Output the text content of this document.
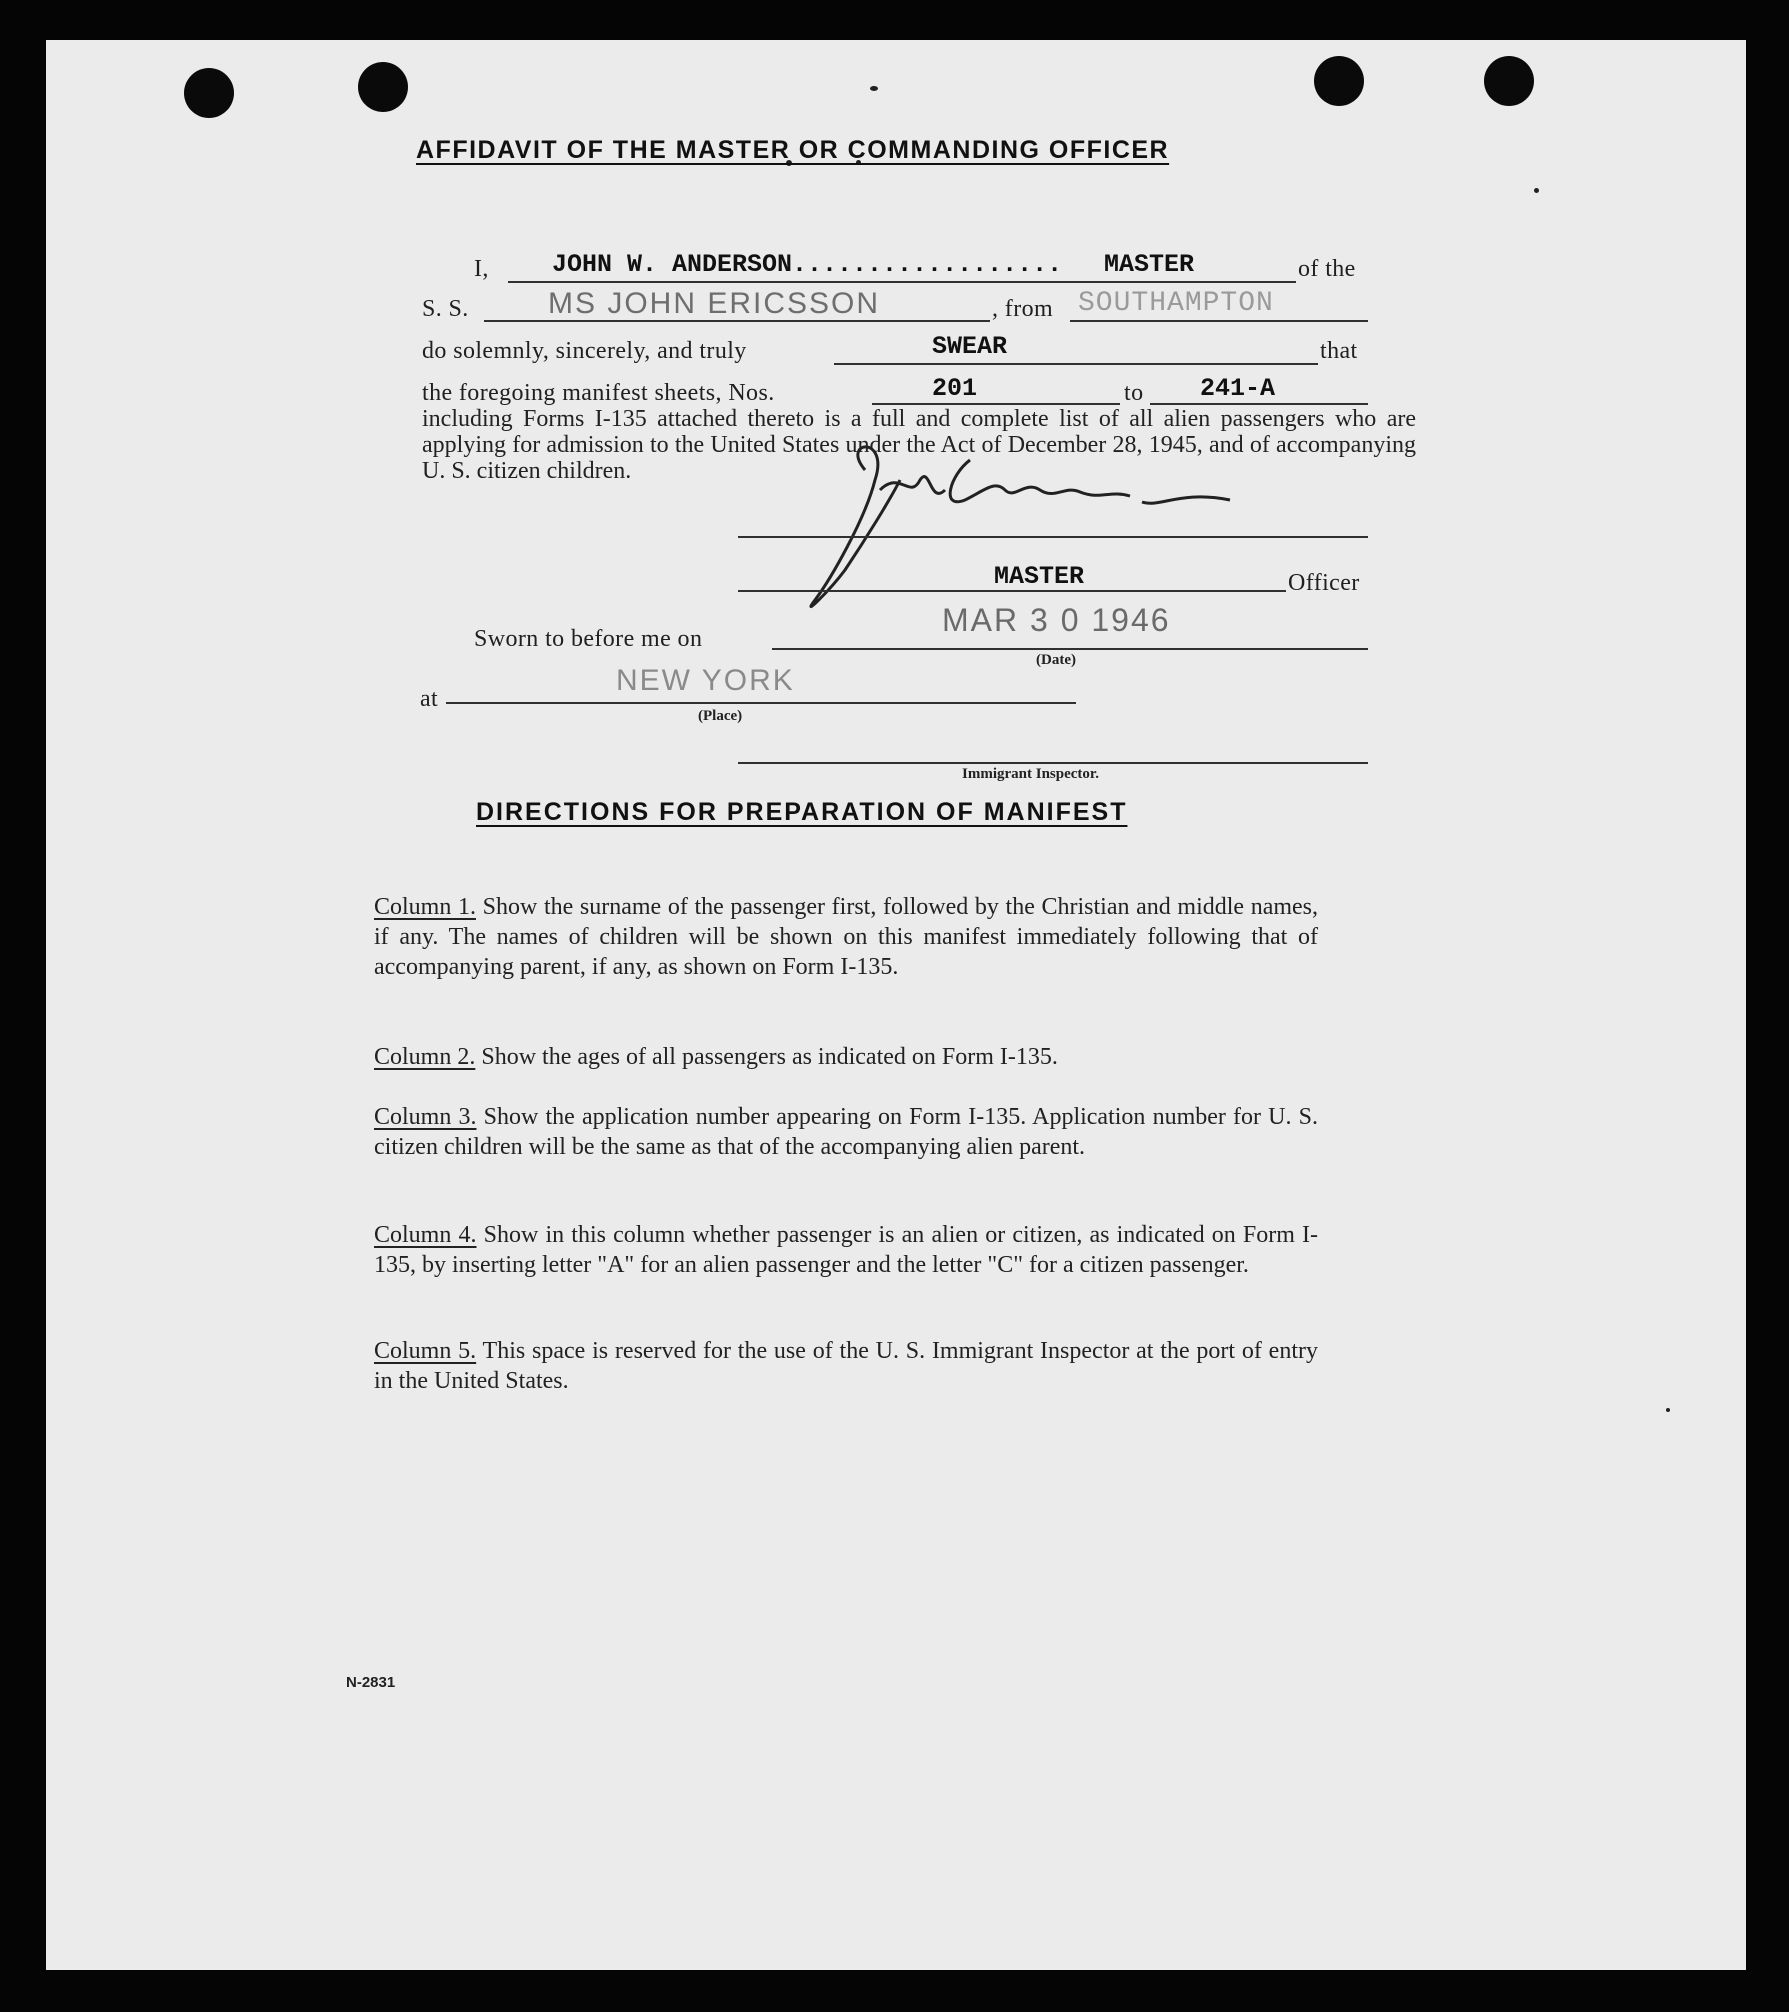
AFFIDAVIT OF THE MASTER OR COMMANDING OFFICER
I,	JOHN W. ANDERSON.................. MASTER	of the
S. S.	MS JOHN ERICSSON	, from SOUTHAMPTON
do solemnly, sincerely, and truly	SWEAR	that
the foregoing manifest sheets, Nos.	201	to 241-A

including Forms I-135 attached thereto is a full and complete list of all alien passengers who are applying for admission to the United States under the Act of December 28, 1945, and of accompanying U. S. citizen children.

MASTER	Officer
Sworn to before me on
MAR 3 0 1946
(Date)
at
NEW YORK
(Place)
Immigrant Inspector.
DIRECTIONS FOR PREPARATION OF MANIFEST

Column 1. Show the surname of the passenger first, followed by the Christian and middle names, if any. The names of children will be shown on this manifest immediately following that of accompanying parent, if any, as shown on Form I-135.

Column 2. Show the ages of all passengers as indicated on Form I-135.

Column 3. Show the application number appearing on Form I-135. Application number for U. S. citizen children will be the same as that of the accompanying alien parent.

Column 4. Show in this column whether passenger is an alien or citizen, as indicated on Form I-135, by inserting letter "A" for an alien passenger and the letter "C" for a citizen passenger.

Column 5. This space is reserved for the use of the U. S. Immigrant Inspector at the port of entry in the United States.

N-2831
